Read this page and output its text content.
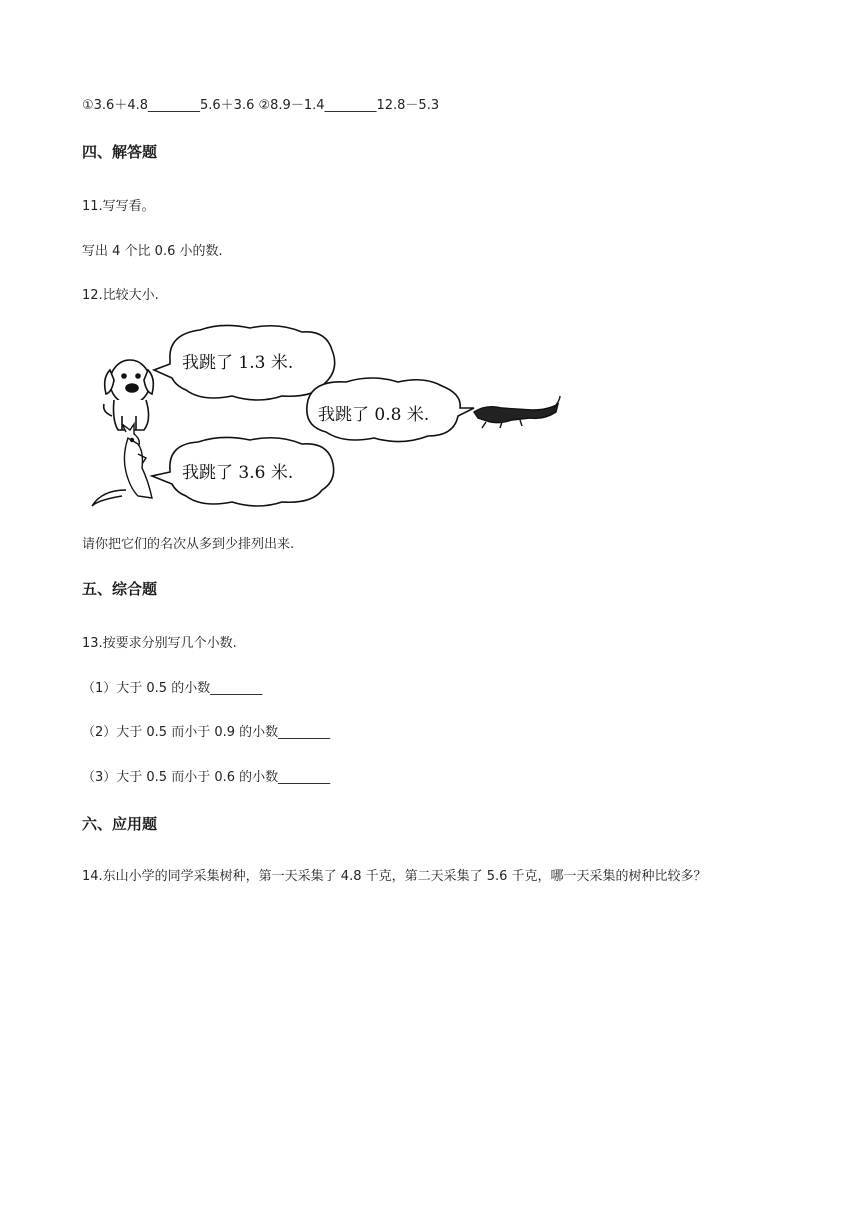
①3.6＋4.8________5.6＋3.6 ②8.9－1.4________12.8－5.3
四、解答题
11.写写看。
写出 4 个比 0.6 小的数.
12.比较大小.
我跳了 1.3 米.
我跳了 0.8 米.
我跳了 3.6 米.
请你把它们的名次从多到少排列出来.
五、综合题
13.按要求分别写几个小数.
（1）大于 0.5 的小数________
（2）大于 0.5 而小于 0.9 的小数________
（3）大于 0.5 而小于 0.6 的小数________
六、应用题
14.东山小学的同学采集树种，第一天采集了 4.8 千克，第二天采集了 5.6 千克，哪一天采集的树种比较多？
